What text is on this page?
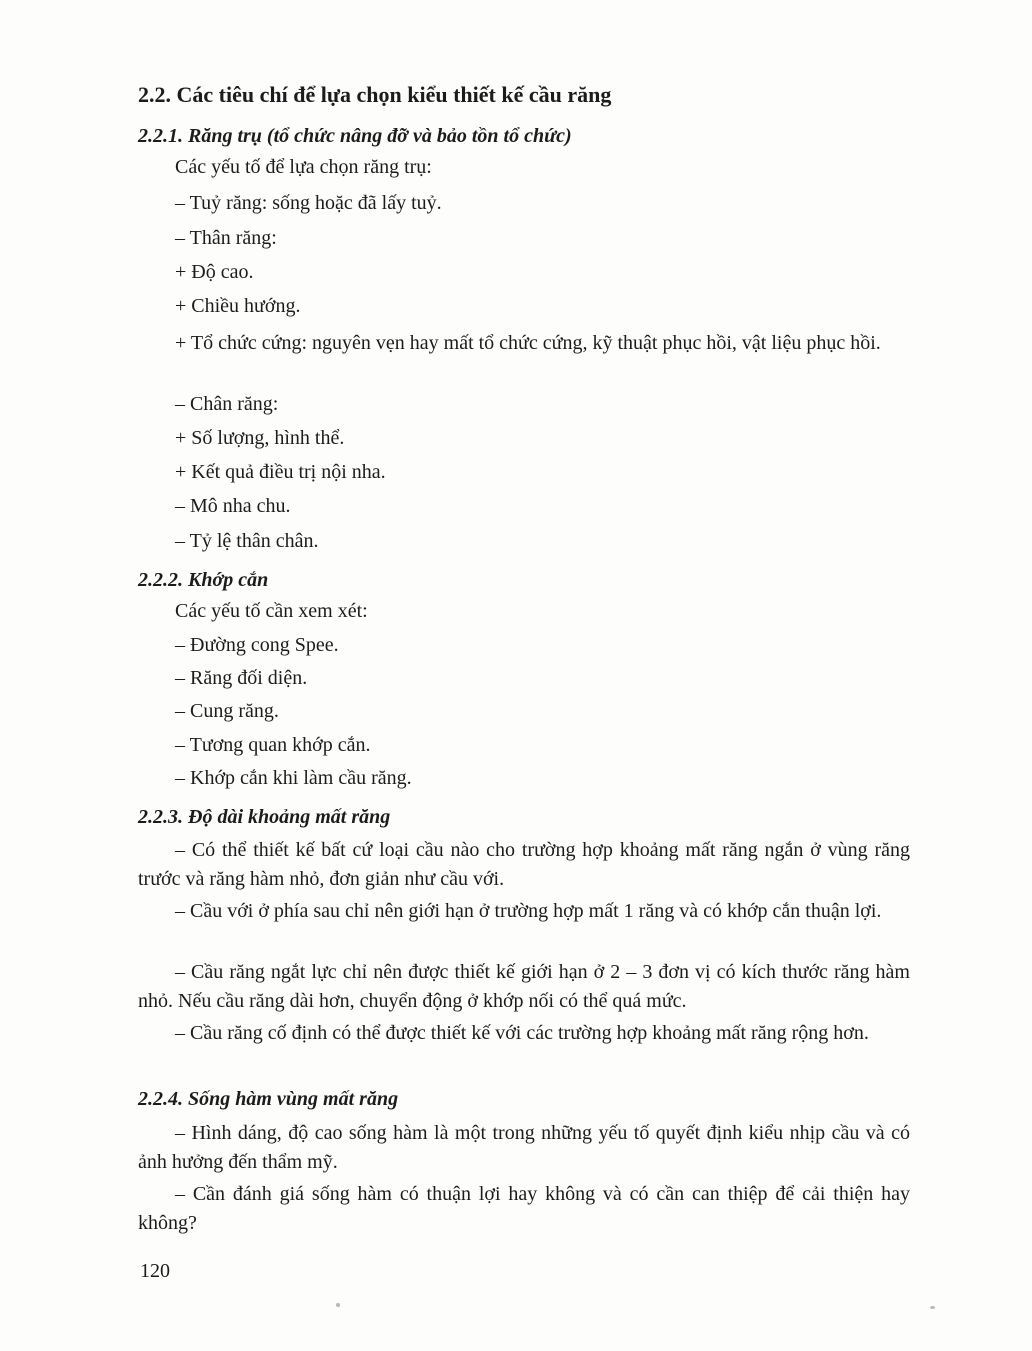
2.2. Các tiêu chí để lựa chọn kiểu thiết kế cầu răng
2.2.1. Răng trụ (tổ chức nâng đỡ và bảo tồn tổ chức)
Các yếu tố để lựa chọn răng trụ:
– Tuỷ răng: sống hoặc đã lấy tuỷ.
– Thân răng:
+ Độ cao.
+ Chiều hướng.
+ Tổ chức cứng: nguyên vẹn hay mất tổ chức cứng, kỹ thuật phục hồi, vật liệu phục hồi.
– Chân răng:
+ Số lượng, hình thể.
+ Kết quả điều trị nội nha.
– Mô nha chu.
– Tỷ lệ thân chân.
2.2.2. Khớp cắn
Các yếu tố cần xem xét:
– Đường cong Spee.
– Răng đối diện.
– Cung răng.
– Tương quan khớp cắn.
– Khớp cắn khi làm cầu răng.
2.2.3. Độ dài khoảng mất răng
– Có thể thiết kế bất cứ loại cầu nào cho trường hợp khoảng mất răng ngắn ở vùng răng trước và răng hàm nhỏ, đơn giản như cầu với.
– Cầu với ở phía sau chỉ nên giới hạn ở trường hợp mất 1 răng và có khớp cắn thuận lợi.
– Cầu răng ngắt lực chỉ nên được thiết kế giới hạn ở 2 – 3 đơn vị có kích thước răng hàm nhỏ. Nếu cầu răng dài hơn, chuyển động ở khớp nối có thể quá mức.
– Cầu răng cố định có thể được thiết kế với các trường hợp khoảng mất răng rộng hơn.
2.2.4. Sống hàm vùng mất răng
– Hình dáng, độ cao sống hàm là một trong những yếu tố quyết định kiểu nhịp cầu và có ảnh hưởng đến thẩm mỹ.
– Cần đánh giá sống hàm có thuận lợi hay không và có cần can thiệp để cải thiện hay không?
120
